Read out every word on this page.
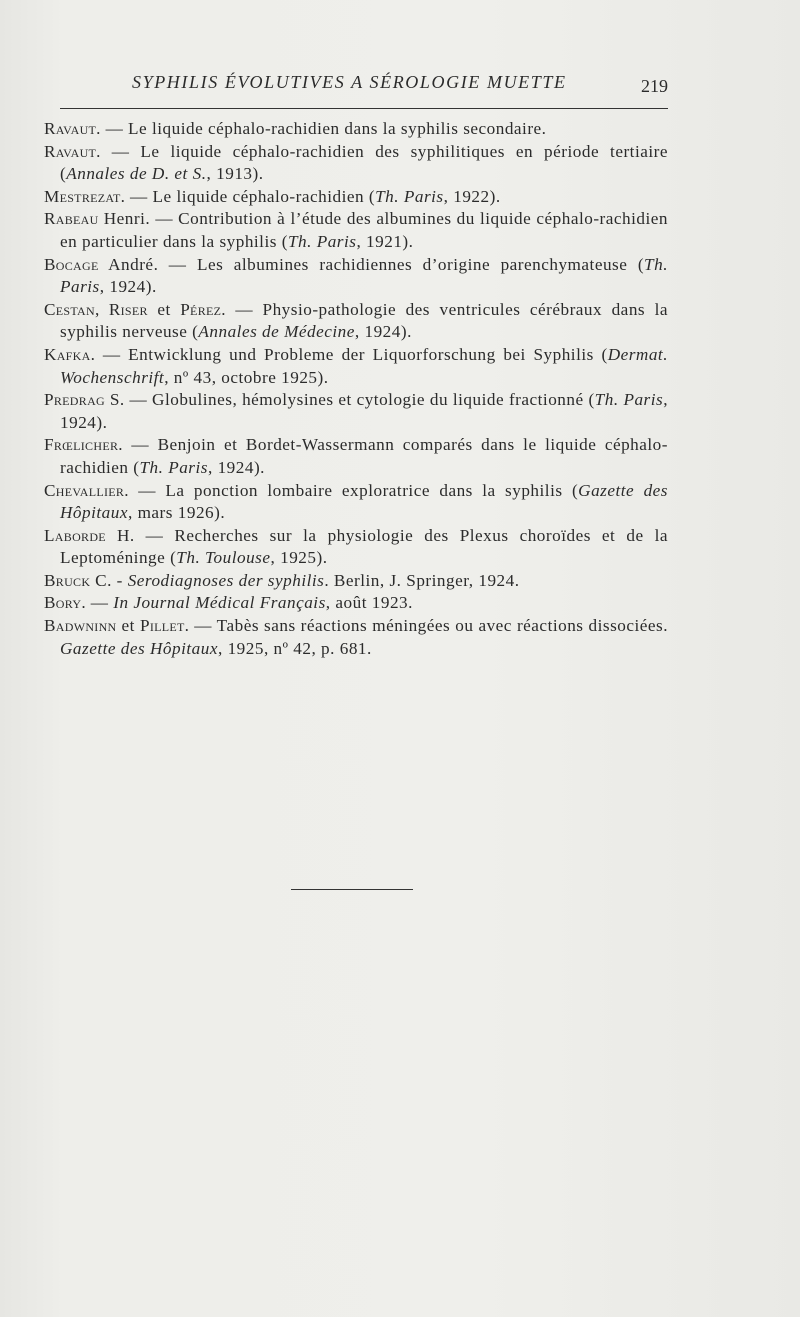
SYPHILIS ÉVOLUTIVES A SÉROLOGIE MUETTE	219
Ravaut. — Le liquide céphalo-rachidien dans la syphilis secondaire.
Ravaut. — Le liquide céphalo-rachidien des syphilitiques en période tertiaire (Annales de D. et S., 1913).
Mestrezat. — Le liquide céphalo-rachidien (Th. Paris, 1922).
Rabeau Henri. — Contribution à l’étude des albumines du liquide céphalo-rachidien en particulier dans la syphilis (Th. Paris, 1921).
Bocage André. — Les albumines rachidiennes d’origine parenchymateuse (Th. Paris, 1924).
Cestan, Riser et Pérez. — Physio-pathologie des ventricules cérébraux dans la syphilis nerveuse (Annales de Médecine, 1924).
Kafka. — Entwicklung und Probleme der Liquorforschung bei Syphilis (Dermat. Wochenschrift, nº 43, octobre 1925).
Predrag S. — Globulines, hémolysines et cytologie du liquide fractionné (Th. Paris, 1924).
Frœlicher. — Benjoin et Bordet-Wassermann comparés dans le liquide céphalo-rachidien (Th. Paris, 1924).
Chevallier. — La ponction lombaire exploratrice dans la syphilis (Gazette des Hôpitaux, mars 1926).
Laborde H. — Recherches sur la physiologie des Plexus choroïdes et de la Leptoméninge (Th. Toulouse, 1925).
Bruck C. - Serodiagnoses der syphilis. Berlin, J. Springer, 1924.
Bory. — In Journal Médical Français, août 1923.
Badwninn et Pillet. — Tabès sans réactions méningées ou avec réactions dissociées. Gazette des Hôpitaux, 1925, nº 42, p. 681.
